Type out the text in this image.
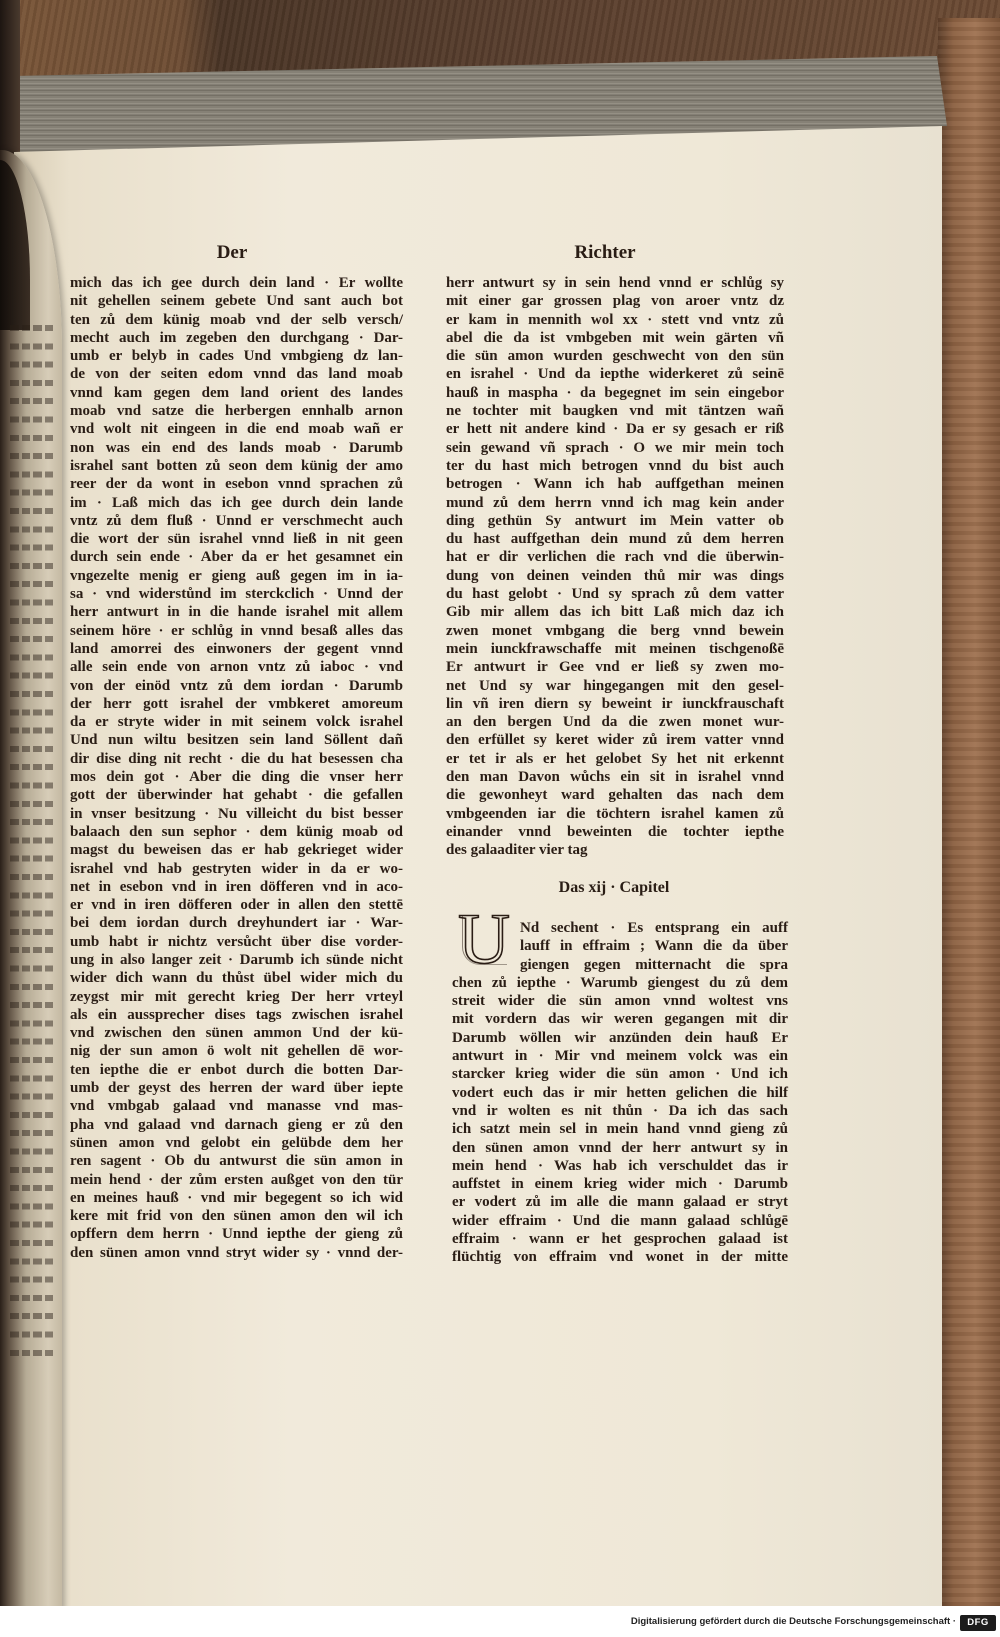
Der	Richter
mich das ich gee durch dein land · Er wollte
nit gehellen seinem gebete Und sant auch bot
ten zů dem künig moab vnd der selb versch/
mecht auch im zegeben den durchgang · Dar-
umb er belyb in cades Und vmbgieng dz lan-
de von der seiten edom vnnd das land moab
vnnd kam gegen dem land orient des landes
moab vnd satze die herbergen ennhalb arnon
vnd wolt nit eingeen in die end moab wañ er
non was ein end des lands moab · Darumb
israhel sant botten zů seon dem künig der amo
reer der da wont in esebon vnnd sprachen zů
im · Laß mich das ich gee durch dein lande
vntz zů dem fluß · Unnd er verschmecht auch
die wort der sün israhel vnnd ließ in nit geen
durch sein ende · Aber da er het gesamnet ein
vngezelte menig er gieng auß gegen im in ia-
sa · vnd widerstůnd im sterckclich · Unnd der
herr antwurt in in die hande israhel mit allem
seinem höre · er schlůg in vnnd besaß alles das
land amorrei des einwoners der gegent vnnd
alle sein ende von arnon vntz zů iaboc · vnd
von der einöd vntz zů dem iordan · Darumb
der herr gott israhel der vmbkeret amoreum
da er stryte wider in mit seinem volck israhel
Und nun wiltu besitzen sein land Söllent dañ
dir dise ding nit recht · die du hat besessen cha
mos dein got · Aber die ding die vnser herr
gott der überwinder hat gehabt · die gefallen
in vnser besitzung · Nu villeicht du bist besser
balaach den sun sephor · dem künig moab od
magst du beweisen das er hab gekrieget wider
israhel vnd hab gestryten wider in da er wo-
net in esebon vnd in iren döfferen vnd in aco-
er vnd in iren döfferen oder in allen den stettē
bei dem iordan durch dreyhundert iar · War-
umb habt ir nichtz versůcht über dise vorder-
ung in also langer zeit · Darumb ich sünde nicht
wider dich wann du thůst übel wider mich du
zeygst mir mit gerecht krieg Der herr vrteyl
als ein aussprecher dises tags zwischen israhel
vnd zwischen den sünen ammon Und der kü-
nig der sun amon ö wolt nit gehellen dē wor-
ten iepthe die er enbot durch die botten Dar-
umb der geyst des herren der ward über iepte
vnd vmbgab galaad vnd manasse vnd mas-
pha vnd galaad vnd darnach gieng er zů den
sünen amon vnd gelobt ein gelübde dem her
ren sagent · Ob du antwurst die sün amon in
mein hend · der zům ersten außget von den tür
en meines hauß · vnd mir begegent so ich wid
kere mit frid von den sünen amon den wil ich
opffern dem herrn · Unnd iepthe der gieng zů
den sünen amon vnnd stryt wider sy · vnnd der-
herr antwurt sy in sein hend vnnd er schlůg sy
mit einer gar grossen plag von aroer vntz dz
er kam in mennith wol xx · stett vnd vntz zů
abel die da ist vmbgeben mit wein gärten vñ
die sün amon wurden geschwecht von den sün
en israhel · Und da iepthe widerkeret zů seinē
hauß in maspha · da begegnet im sein eingebor
ne tochter mit baugken vnd mit täntzen wañ
er hett nit andere kind · Da er sy gesach er riß
sein gewand vñ sprach · O we mir mein toch
ter du hast mich betrogen vnnd du bist auch
betrogen · Wann ich hab auffgethan meinen
mund zů dem herrn vnnd ich mag kein ander
ding gethün Sy antwurt im Mein vatter ob
du hast auffgethan dein mund zů dem herren
hat er dir verlichen die rach vnd die überwin-
dung von deinen veinden thů mir was dings
du hast gelobt · Und sy sprach zů dem vatter
Gib mir allem das ich bitt Laß mich daz ich
zwen monet vmbgang die berg vnnd bewein
mein iunckfrawschaffe mit meinen tischgenoßē
Er antwurt ir Gee vnd er ließ sy zwen mo-
net Und sy war hingegangen mit den gesel-
lin vñ iren diern sy beweint ir iunckfrauschaft
an den bergen Und da die zwen monet wur-
den erfüllet sy keret wider zů irem vatter vnnd
er tet ir als er het gelobet Sy het nit erkennt
den man Davon wůchs ein sit in israhel vnnd
die gewonheyt ward gehalten das nach dem
vmbgeenden iar die töchtern israhel kamen zů
einander vnnd beweinten die tochter iepthe
des galaaditer vier tag
Das xij · Capitel
U Nd sechent · Es entsprang ein auff
lauff in effraim ; Wann die da über
giengen gegen mitternacht die spra
chen zů iepthe · Warumb giengest du zů dem
streit wider die sün amon vnnd woltest vns
mit vordern das wir weren gegangen mit dir
Darumb wöllen wir anzünden dein hauß Er
antwurt in · Mir vnd meinem volck was ein
starcker krieg wider die sün amon · Und ich
vodert euch das ir mir hetten gelichen die hilf
vnd ir wolten es nit thůn · Da ich das sach
ich satzt mein sel in mein hand vnnd gieng zů
den sünen amon vnnd der herr antwurt sy in
mein hend · Was hab ich verschuldet das ir
auffstet in einem krieg wider mich · Darumb
er vodert zů im alle die mann galaad er stryt
wider effraim · Und die mann galaad schlůgē
effraim · wann er het gesprochen galaad ist
flüchtig von effraim vnd wonet in der mitte
Digitalisierung gefördert durch die Deutsche Forschungsgemeinschaft ·	DFG
